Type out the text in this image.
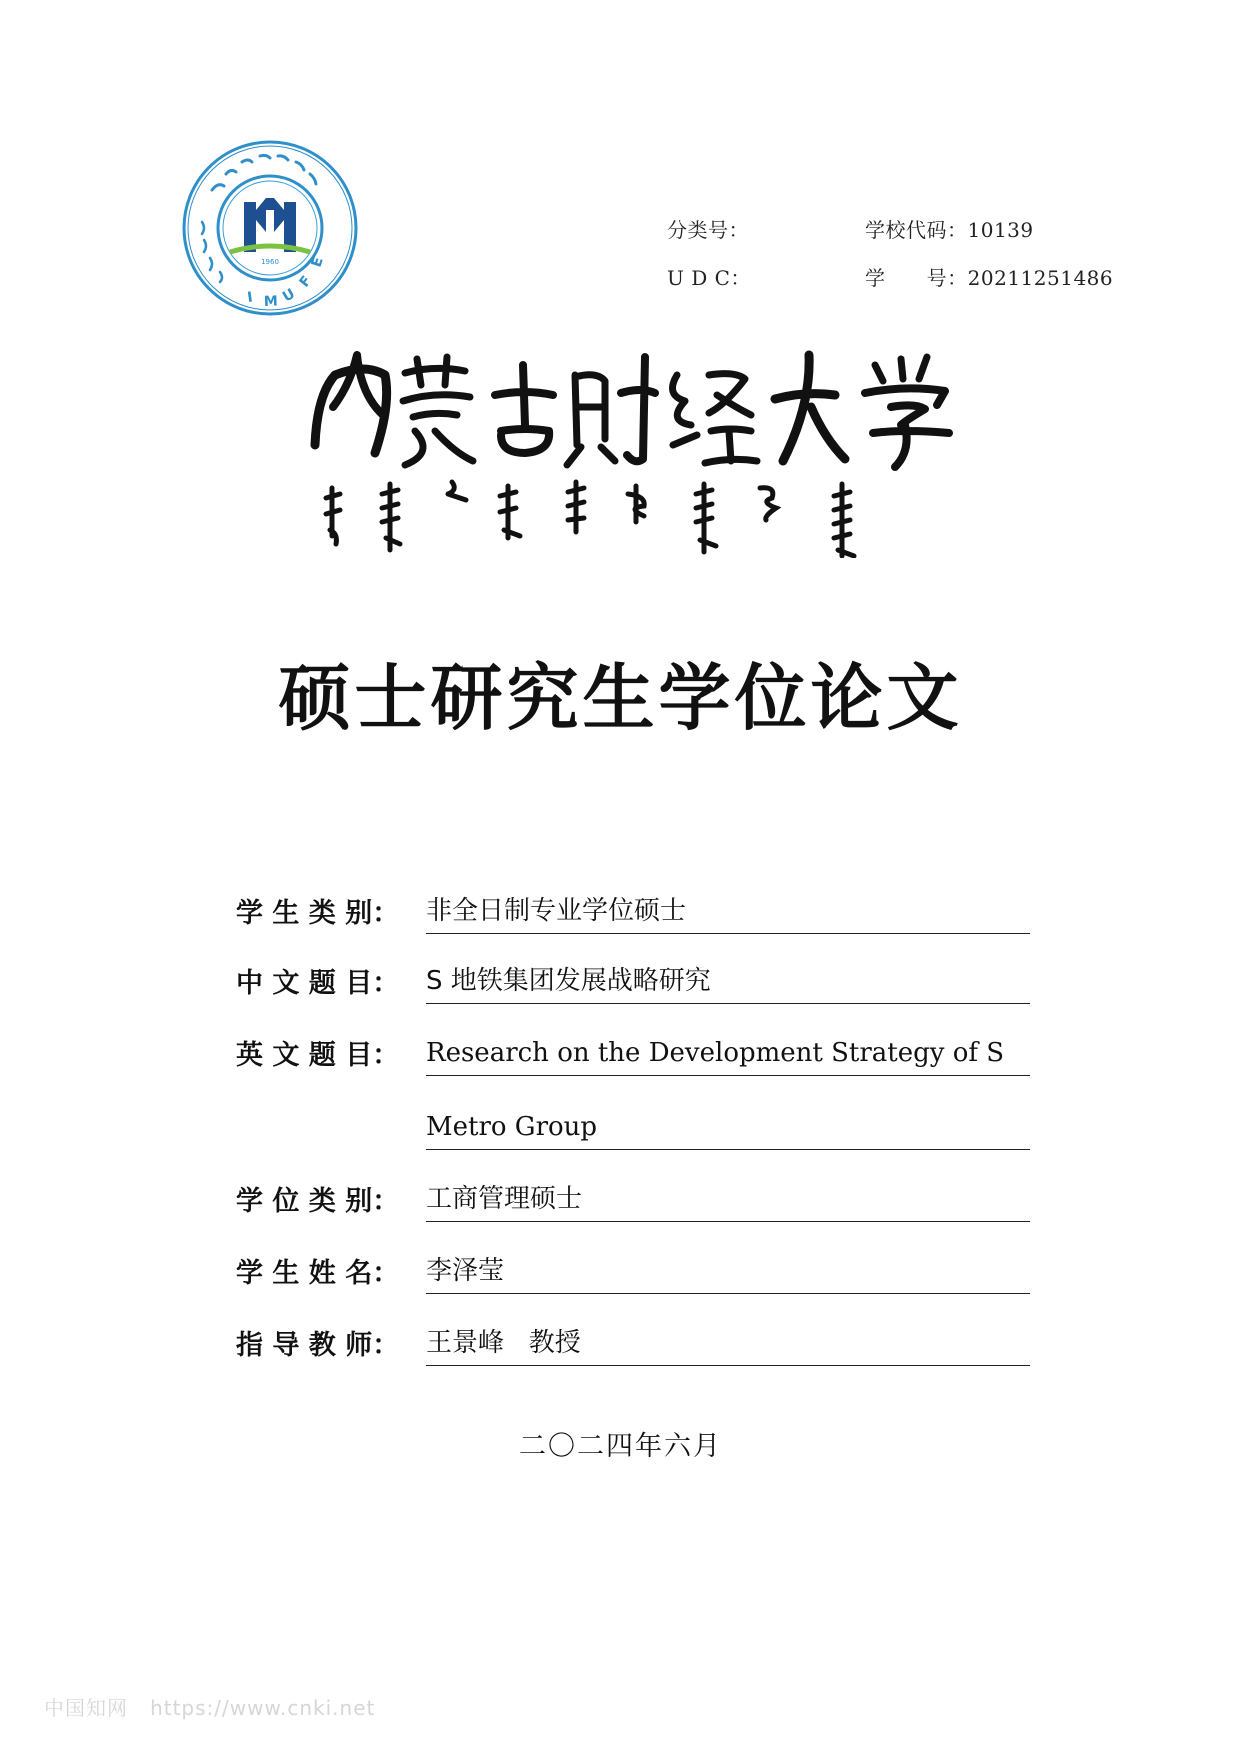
1960
I M U
F
E
分类号：	学校代码：10139
U D C：	学      号：20211251486
硕士研究生学位论文
学 生 类 别： 非全日制专业学位硕士
中 文 题 目： S 地铁集团发展战略研究
英 文 题 目： Research on the Development Strategy of S
Metro Group
学 位 类 别： 工商管理硕士
学 生 姓 名： 李泽莹
指 导 教 师： 王景峰   教授
二〇二四年六月
中国知网   https://www.cnki.net
